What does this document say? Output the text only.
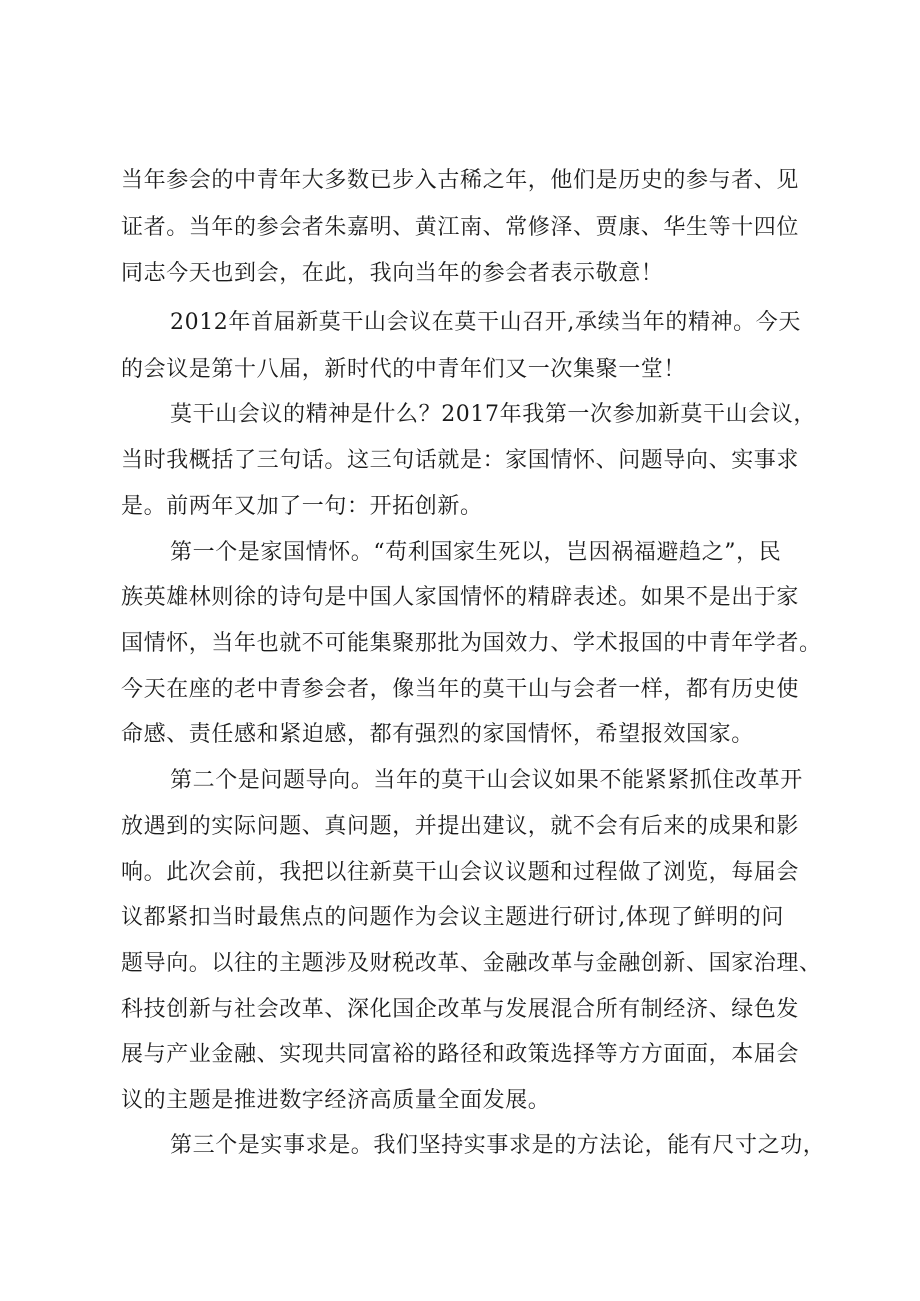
当年参会的中青年大多数已步入古稀之年，他们是历史的参与者、见
证者。当年的参会者朱嘉明、黄江南、常修泽、贾康、华生等十四位
同志今天也到会，在此，我向当年的参会者表示敬意！
2012年首届新莫干山会议在莫干山召开,承续当年的精神。今天
的会议是第十八届，新时代的中青年们又一次集聚一堂！
莫干山会议的精神是什么？2017年我第一次参加新莫干山会议，
当时我概括了三句话。这三句话就是：家国情怀、问题导向、实事求
是。前两年又加了一句：开拓创新。
第一个是家国情怀。“苟利国家生死以，岂因祸福避趋之”，民
族英雄林则徐的诗句是中国人家国情怀的精辟表述。如果不是出于家
国情怀，当年也就不可能集聚那批为国效力、学术报国的中青年学者。
今天在座的老中青参会者，像当年的莫干山与会者一样，都有历史使
命感、责任感和紧迫感，都有强烈的家国情怀，希望报效国家。
第二个是问题导向。当年的莫干山会议如果不能紧紧抓住改革开
放遇到的实际问题、真问题，并提出建议，就不会有后来的成果和影
响。此次会前，我把以往新莫干山会议议题和过程做了浏览，每届会
议都紧扣当时最焦点的问题作为会议主题进行研讨,体现了鲜明的问
题导向。以往的主题涉及财税改革、金融改革与金融创新、国家治理、
科技创新与社会改革、深化国企改革与发展混合所有制经济、绿色发
展与产业金融、实现共同富裕的路径和政策选择等方方面面，本届会
议的主题是推进数字经济高质量全面发展。
第三个是实事求是。我们坚持实事求是的方法论，能有尺寸之功，
